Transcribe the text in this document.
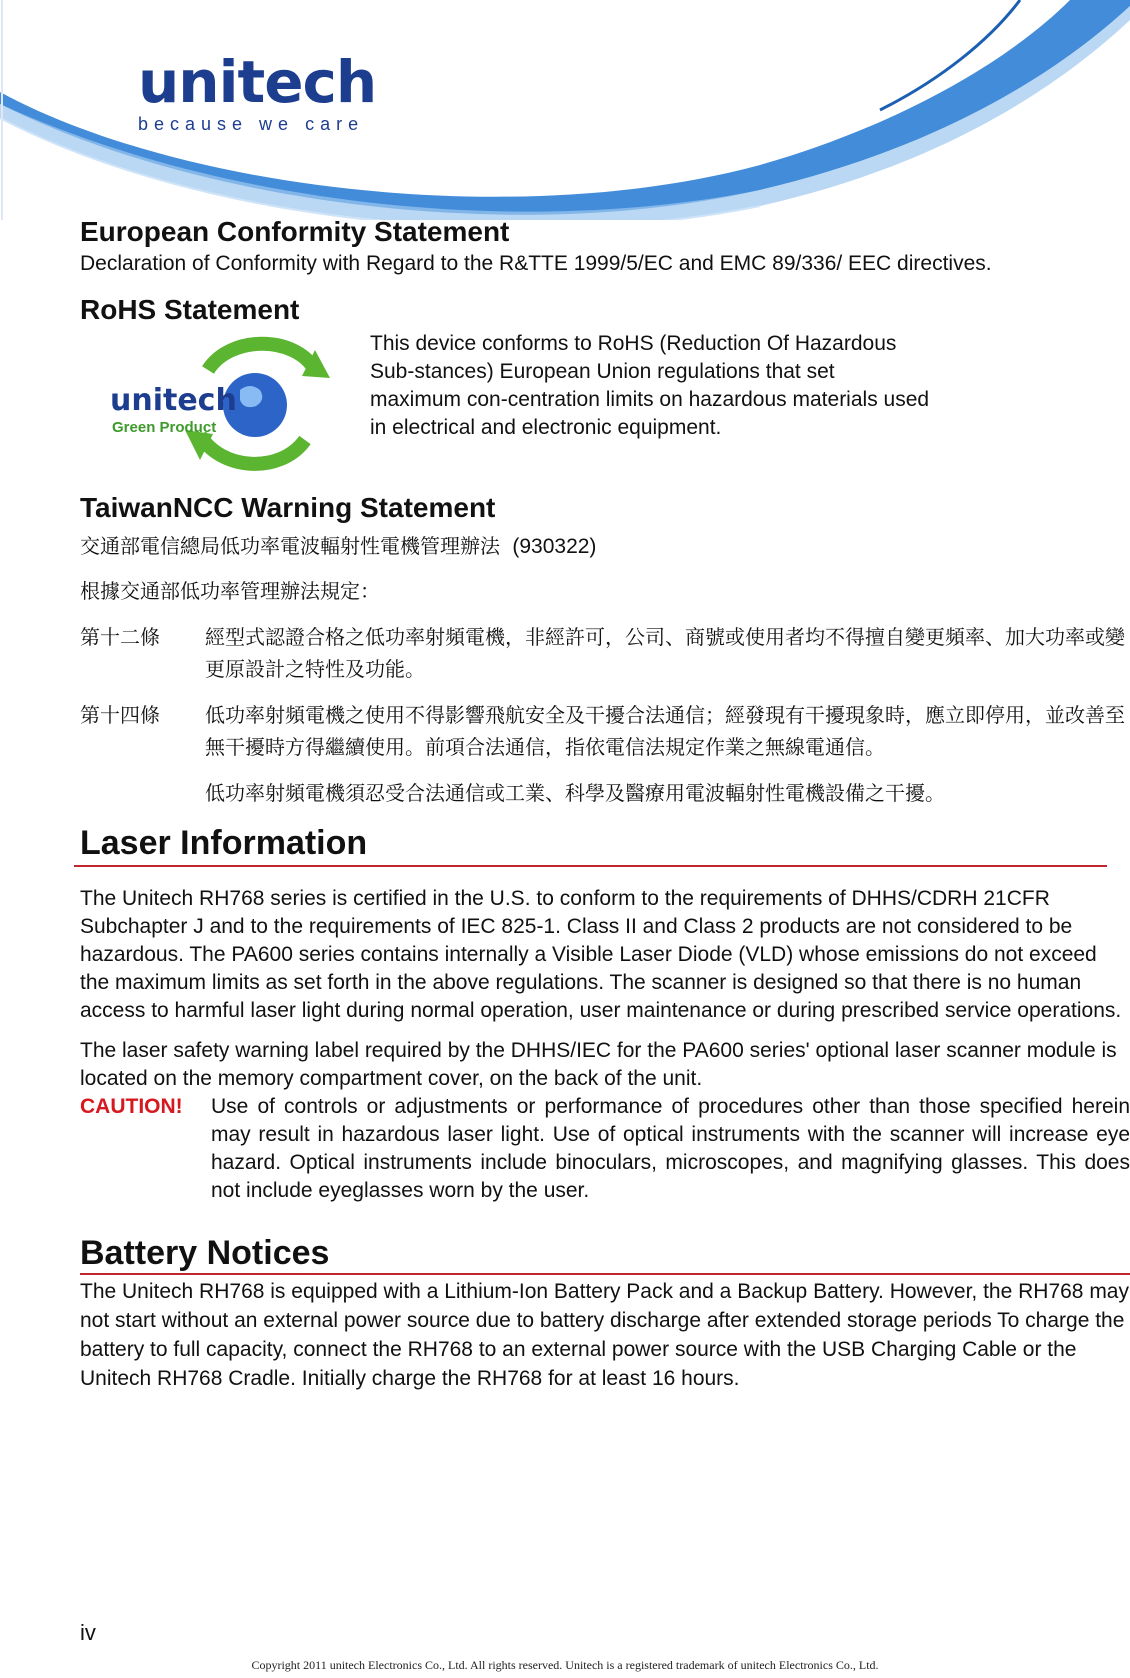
unitech
because we care
European Conformity Statement

Declaration of Conformity with Regard to the R&TTE 1999/5/EC and EMC 89/336/ EEC directives.

RoHS Statement
unitech
Green Product

This device conforms to RoHS (Reduction Of Hazardous Sub-stances) European Union regulations that set maximum con-centration limits on hazardous materials used in electrical and electronic equipment.

TaiwanNCC Warning Statement
交通部電信總局低功率電波輻射性電機管理辦法 (930322)
根據交通部低功率管理辦法規定：
第十二條	經型式認證合格之低功率射頻電機，非經許可，公司、商號或使用者均不得擅自變更頻率、加大功率或變更原設計之特性及功能。
第十四條	低功率射頻電機之使用不得影響飛航安全及干擾合法通信；經發現有干擾現象時，應立即停用，並改善至無干擾時方得繼續使用。前項合法通信，指依電信法規定作業之無線電通信。
低功率射頻電機須忍受合法通信或工業、科學及醫療用電波輻射性電機設備之干擾。
Laser Information

The Unitech RH768 series is certified in the U.S. to conform to the requirements of DHHS/CDRH 21CFR Subchapter J and to the requirements of IEC 825-1. Class II and Class 2 products are not considered to be hazardous. The PA600 series contains internally a Visible Laser Diode (VLD) whose emissions do not exceed the maximum limits as set forth in the above regulations. The scanner is designed so that there is no human access to harmful laser light during normal operation, user maintenance or during prescribed service operations.

The laser safety warning label required by the DHHS/IEC for the PA600 series' optional laser scanner module is located on the memory compartment cover, on the back of the unit.

CAUTION!	Use of controls or adjustments or performance of procedures other than those specified herein may result in hazardous laser light. Use of optical instruments with the scanner will increase eye hazard. Optical instruments include binoculars, microscopes, and magnifying glasses. This does not include eyeglasses worn by the user.
Battery Notices

The Unitech RH768 is equipped with a Lithium-Ion Battery Pack and a Backup Battery. However, the RH768 may not start without an external power source due to battery discharge after extended storage periods To charge the battery to full capacity, connect the RH768 to an external power source with the USB Charging Cable or the Unitech RH768 Cradle. Initially charge the RH768 for at least 16 hours.

iv
Copyright 2011 unitech Electronics Co., Ltd. All rights reserved. Unitech is a registered trademark of unitech Electronics Co., Ltd.
